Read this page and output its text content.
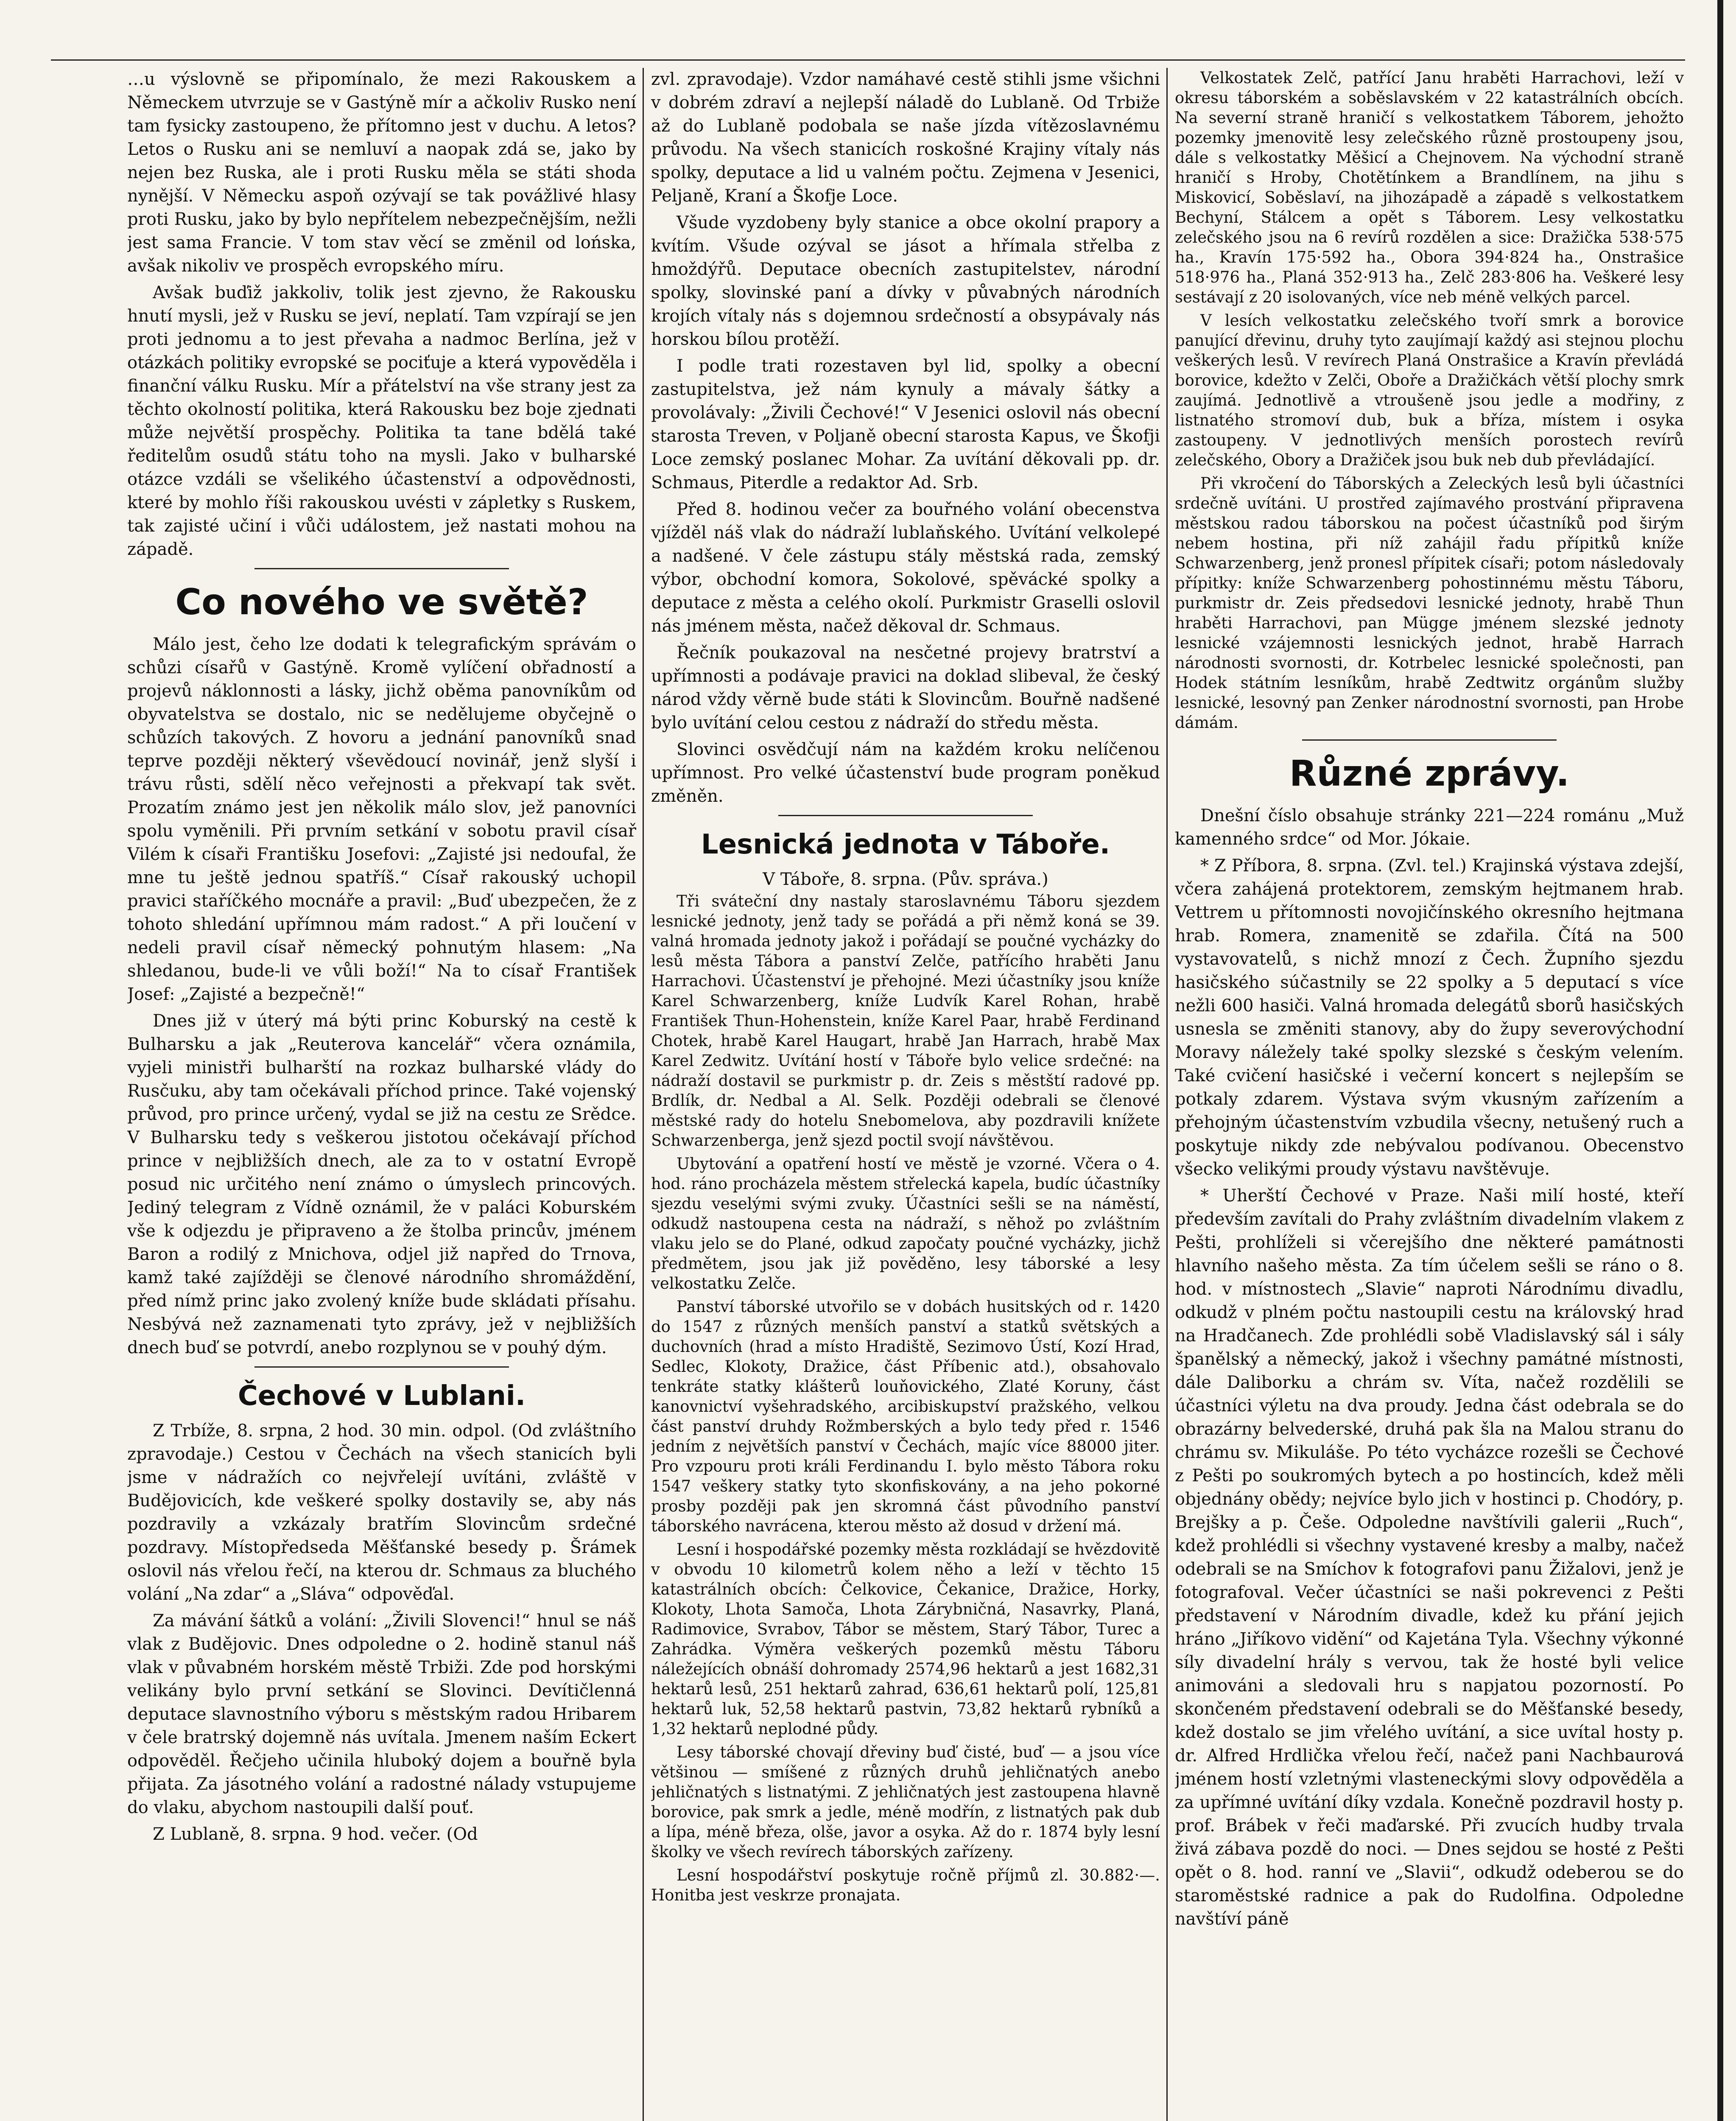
…u výslovně se připomínalo, že mezi Rakouskem a Německem utvrzuje se v Gastýně mír a ačkoliv Rusko není tam fysicky zastoupeno, že přítomno jest v duchu. A letos? Letos o Rusku ani se nemluví a naopak zdá se, jako by nejen bez Ruska, ale i proti Rusku měla se státi shoda nynější. V Německu aspoň ozývají se tak povážlivé hlasy proti Rusku, jako by bylo nepřítelem nebezpečnějším, nežli jest sama Francie. V tom stav věcí se změnil od lońska, avšak nikoliv ve prospěch evropského míru.

Avšak buďiž jakkoliv, tolik jest zjevno, že Rakousku hnutí mysli, jež v Rusku se jeví, neplatí. Tam vzpírají se jen proti jednomu a to jest převaha a nadmoc Berlína, jež v otázkách politiky evropské se pociťuje a která vypověděla i finanční válku Rusku. Mír a přátelství na vše strany jest za těchto okolností politika, která Rakousku bez boje zjednati může největší prospěchy. Politika ta tane bdělá také ředitelům osudů státu toho na mysli. Jako v bulharské otázce vzdáli se všelikého účastenství a odpovědnosti, které by mohlo říši rakouskou uvésti v zápletky s Ruskem, tak zajisté učiní i vůči událostem, jež nastati mohou na západě.

Co nového ve světě?

Málo jest, čeho lze dodati k telegrafickým správám o schůzi císařů v Gastýně. Kromě vylíčení obřadností a projevů náklonnosti a lásky, jichž oběma panovníkům od obyvatelstva se dostalo, nic se nedělujeme obyčejně o schůzích takových. Z hovoru a jednání panovníků snad teprve později některý vševědoucí novinář, jenž slyší i trávu růsti, sdělí něco veřejnosti a překvapí tak svět. Prozatím známo jest jen několik málo slov, jež panovníci spolu vyměnili. Při prvním setkání v sobotu pravil císař Vilém k císaři Františku Josefovi: „Zajisté jsi nedoufal, že mne tu ještě jednou spatříš.“ Císař rakouský uchopil pravici staříčkého mocnáře a pravil: „Buď ubezpečen, že z tohoto shledání upřímnou mám radost.“ A při loučení v nedeli pravil císař německý pohnutým hlasem: „Na shledanou, bude-li ve vůli boží!“ Na to císař František Josef: „Zajisté a bezpečně!“

Dnes již v úterý má býti princ Koburský na cestě k Bulharsku a jak „Reuterova kancelář“ včera oznámila, vyjeli ministři bulharští na rozkaz bulharské vlády do Rusčuku, aby tam očekávali příchod prince. Také vojenský průvod, pro prince určený, vydal se již na cestu ze Srědce. V Bulharsku tedy s veškerou jistotou očekávají příchod prince v nejbližších dnech, ale za to v ostatní Evropě posud nic určitého není známo o úmyslech princových. Jediný telegram z Vídně oznámil, že v paláci Koburském vše k odjezdu je připraveno a že štolba princův, jménem Baron a rodilý z Mnichova, odjel již napřed do Trnova, kamž také zajížději se členové národního shromáždění, před nímž princ jako zvolený kníže bude skládati přísahu. Nesbývá než zaznamenati tyto zprávy, jež v nejbližších dnech buď se potvrdí, anebo rozplynou se v pouhý dým.

Čechové v Lublani.

Z Trbíže, 8. srpna, 2 hod. 30 min. odpol. (Od zvláštního zpravodaje.) Cestou v Čechách na všech stanicích byli jsme v nádražích co nejvřelejí uvítáni, zvláště v Budějovicích, kde veškeré spolky dostavily se, aby nás pozdravily a vzkázaly bratřím Slovincům srdečné pozdravy. Místopředseda Měšťanské besedy p. Šrámek oslovil nás vřelou řečí, na kterou dr. Schmaus za bluchého volání „Na zdar“ a „Sláva“ odpověďal.

Za mávání šátků a volání: „Živili Slovenci!“ hnul se náš vlak z Budějovic. Dnes odpoledne o 2. hodině stanul náš vlak v půvabném horském městě Trbiži. Zde pod horskými velikány bylo první setkání se Slovinci. Devítičlenná deputace slavnostního výboru s městským radou Hribarem v čele bratrský dojemně nás uvítala. Jmenem naším Eckert odpověděl. Řečjeho učinila hluboký dojem a bouřně byla přijata. Za jásotného volání a radostné nálady vstupujeme do vlaku, abychom nastoupili další pouť.

Z Lublaně, 8. srpna. 9 hod. večer. (Od

zvl. zpravodaje). Vzdor namáhavé cestě stihli jsme všichni v dobrém zdraví a nejlepší náladě do Lublaně. Od Trbiže až do Lublaně podobala se naše jízda vítězoslavnému průvodu. Na všech stanicích roskošné Krajiny vítaly nás spolky, deputace a lid u valném počtu. Zejmena v Jesenici, Peljaně, Kraní a Škofje Loce.

Všude vyzdobeny byly stanice a obce okolní prapory a kvítím. Všude ozýval se jásot a hřímala střelba z hmoždýřů. Deputace obecních zastupitelstev, národní spolky, slovinské paní a dívky v půvabných národních krojích vítaly nás s dojemnou srdečností a obsypávaly nás horskou bílou protěží.

I podle trati rozestaven byl lid, spolky a obecní zastupitelstva, jež nám kynuly a mávaly šátky a provolávaly: „Živili Čechové!“ V Jesenici oslovil nás obecní starosta Treven, v Poljaně obecní starosta Kapus, ve Škofji Loce zemský poslanec Mohar. Za uvítání děkovali pp. dr. Schmaus, Piterdle a redaktor Ad. Srb.

Před 8. hodinou večer za bouřného volání obecenstva vjížděl náš vlak do nádraží lublaňského. Uvítání velkolepé a nadšené. V čele zástupu stály městská rada, zemský výbor, obchodní komora, Sokolové, spěvácké spolky a deputace z města a celého okolí. Purkmistr Graselli oslovil nás jménem města, načež děkoval dr. Schmaus.

Řečník poukazoval na nesčetné projevy bratrství a upřímnosti a podávaje pravici na doklad slibeval, že český národ vždy věrně bude státi k Slovincům. Bouřně nadšené bylo uvítání celou cestou z nádraží do středu města.

Slovinci osvědčují nám na každém kroku nelíčenou upřímnost. Pro velké účastenství bude program poněkud změněn.

Lesnická jednota v Táboře.
V Táboře, 8. srpna. (Pův. správa.)

Tři sváteční dny nastaly staroslavnému Táboru sjezdem lesnické jednoty, jenž tady se pořádá a při němž koná se 39. valná hromada jednoty jakož i pořádají se poučné vycházky do lesů města Tábora a panství Zelče, patřícího hraběti Janu Harrachovi. Účastenství je přehojné. Mezi účastníky jsou knížе Karel Schwarzenberg, kníže Ludvík Karel Rohan, hrabě František Thun-Hohenstein, kníže Karel Paar, hrabě Ferdinand Chotek, hrabě Karel Haugart, hrabě Jan Harrach, hrabě Max Karel Zedwitz. Uvítání hostí v Táboře bylo velice srdečné: na nádraží dostavil se purkmistr p. dr. Zeis s městští radové pp. Brdlík, dr. Nedbal a Al. Selk. Později odebrali se členové městské rady do hotelu Snebomelova, aby pozdravili knížete Schwarzenberga, jenž sjezd poctil svojí návštěvou.

Ubytování a opatření hostí ve městě je vzorné. Včera o 4. hod. ráno procházela městem střelecká kapela, budíc účastníky sjezdu veselými svými zvuky. Účastníci sešli se na náměstí, odkudž nastoupena cesta na nádraží, s něhož po zvláštním vlaku jelo se do Plané, odkud započaty poučné vycházky, jichž předmětem, jsou jak již pověděno, lesy táborské a lesy velkostatku Zelče.

Panství táborské utvořilo se v dobách husitských od r. 1420 do 1547 z různých menších panství a statků světských a duchovních (hrad a místo Hradiště, Sezimovo Ústí, Kozí Hrad, Sedlec, Klokoty, Dražice, část Příbenic atd.), obsahovalo tenkráte statky klášterů louňovického, Zlaté Koruny, část kanovnictví vyšehradského, arcibiskupství pražského, velkou část panství druhdy Rožmberských a bylo tedy před r. 1546 jedním z největších panství v Čechách, majíc více 88000 jiter. Pro vzpouru proti králi Ferdinandu I. bylo město Tábora roku 1547 veškery statky tyto skonfiskovány, a na jeho pokorné prosby později pak jen skromná část původního panství táborského navrácena, kterou město až dosud v držení má.

Lesní i hospodářské pozemky města rozkládají se hvězdovitě v obvodu 10 kilometrů kolem něho a leží v těchto 15 katastrálních obcích: Čelkovice, Čekanice, Dražice, Horky, Klokoty, Lhota Samoča, Lhota Zárybničná, Nasavrky, Planá, Radimovice, Svrabov, Tábor se městem, Starý Tábor, Turec a Zahrádka. Výměra veškerých pozemků městu Táboru náležejících obnáší dohromady 2574,96 hektarů a jest 1682,31 hektarů lesů, 251 hektarů zahrad, 636,61 hektarů polí, 125,81 hektarů luk, 52,58 hektarů pastvin, 73,82 hektarů rybníků a 1,32 hektarů neplodné půdy.

Lesy táborské chovají dřeviny buď čisté, buď — a jsou více většinou — smíšené z různých druhů jehličnatých anebo jehličnatých s listnatými. Z jehličnatých jest zastoupena hlavně borovice, pak smrk a jedle, méně modřín, z listnatých pak dub a lípa, méně březa, olše, javor a osyka. Až do r. 1874 byly lesní školky ve všech revírech táborských zařízeny.

Lesní hospodářství poskytuje ročně příjmů zl. 30.882·—. Honitba jest veskrze pronajata.

Velkostatek Zelč, patřící Janu hraběti Harrachovi, leží v okresu táborském a soběslavském v 22 katastrálních obcích. Na severní straně hraničí s velkostatkem Táborem, jehožto pozemky jmenovitě lesy zelečského různě prostoupeny jsou, dále s velkostatky Měšicí a Chejnovem. Na východní straně hraničí s Hroby, Chotětínkem a Brandlínem, na jihu s Miskovicí, Soběslaví, na jihozápadě a západě s velkostatkem Bechyní, Stálcem a opět s Táborem. Lesy velkostatku zelečského jsou na 6 revírů rozdělen a sice: Dražička 538·575 ha., Kravín 175·592 ha., Obora 394·824 ha., Onstrašice 518·976 ha., Planá 352·913 ha., Zelč 283·806 ha. Veškeré lesy sestávají z 20 isolovaných, více neb méně velkých parcel.

V lesích velkostatku zelečského tvoří smrk a borovice panující dřevinu, druhy tyto zaujímají každý asi stejnou plochu veškerých lesů. V revírech Planá Onstrašice a Kravín převládá borovice, kdežto v Zelči, Oboře a Dražičkách větší plochy smrk zaujímá. Jednotlivě a vtroušeně jsou jedle a modřiny, z listnatého stromoví dub, buk a bříza, místem i osyka zastoupeny. V jednotlivých menších porostech revírů zelečského, Obory a Dražiček jsou buk neb dub převládající.

Při vkročení do Táborských a Zeleckých lesů byli účastníci srdečně uvítáni. U prostřed zajímavého prostvání připravena městskou radou táborskou na počest účastníků pod širým nebem hostina, při níž zahájil řadu přípitků kníže Schwarzenberg, jenž pronesl přípitek císaři; potom následovaly přípitky: kníže Schwarzenberg pohostinnému městu Táboru, purkmistr dr. Zeis předsedovi lesnické jednoty, hrabě Thun hraběti Harrachovi, pan Mügge jménem slezské jednoty lesnické vzájemnosti lesnických jednot, hrabě Harrach národnosti svornosti, dr. Kotrbelec lesnické společnosti, pan Hodek státním lesníkům, hrabě Zedtwitz orgánům služby lesnické, lesovný pan Zenker národnostní svornosti, pan Hrobe dámám.

Různé zprávy.

Dnešní číslo obsahuje stránky 221—224 románu „Muž kamenného srdce“ od Mor. Jókaie.

* Z Příbora, 8. srpna. (Zvl. tel.) Krajinská výstava zdejší, včera zahájená protektorem, zemským hejtmanem hrab. Vettrem u přítomnosti novojičínského okresního hejtmana hrab. Romera, znamenitě se zdařila. Čítá na 500 vystavovatelů, s nichž mnozí z Čech. Župního sjezdu hasičského súčastnily se 22 spolky a 5 deputací s více nežli 600 hasiči. Valná hromada delegátů sborů hasičských usnesla se změniti stanovy, aby do župy severovýchodní Moravy náležely také spolky slezské s českým velením. Také cvičení hasičské i večerní koncert s nejlepším se potkaly zdarem. Výstava svým vkusným zařízením a přehojným účastenstvím vzbudila všecny, netušený ruch a poskytuje nikdy zde nebývalou podívanou. Obecenstvo všecko velikými proudy výstavu navštěvuje.

* Uherští Čechové v Praze. Naši milí hosté, kteří především zavítali do Prahy zvláštním divadelním vlakem z Pešti, prohlíželi si včerejšího dne některé památnosti hlavního našeho města. Za tím účelem sešli se ráno o 8. hod. v místnostech „Slavie“ naproti Národnímu divadlu, odkudž v plném počtu nastoupili cestu na královský hrad na Hradčanech. Zde prohlédli sobě Vladislavský sál i sály španělský a německý, jakož i všechny památné místnosti, dále Daliborku a chrám sv. Víta, načež rozdělili se účastníci výletu na dva proudy. Jedna část odebrala se do obrazárny belvederské, druhá pak šla na Malou stranu do chrámu sv. Mikuláše. Po této vycházce rozešli se Čechové z Pešti po soukromých bytech a po hostincích, kdež měli objednány obědy; nejvíce bylo jich v hostinci p. Chodóry, p. Brejšky a p. Češe. Odpoledne navštívili galerii „Ruch“, kdež prohlédli si všechny vystavené kresby a malby, načež odebrali se na Smíchov k fotografovi panu Žižalovi, jenž je fotografoval. Večer účastníci se naši pokrevenci z Pešti představení v Národním divadle, kdež ku přání jejich hráno „Jiříkovo vidění“ od Kajetána Tyla. Všechny výkonné síly divadelní hrály s vervou, tak že hosté byli velice animováni a sledovali hru s napjatou pozorností. Po skončeném představení odebrali se do Měšťanské besedy, kdež dostalo se jim vřelého uvítání, a sice uvítal hosty p. dr. Alfred Hrdlička vřelou řečí, načež pani Nachbaurová jménem hostí vzletnými vlasteneckými slovy odpověděla a za upřímné uvítání díky vzdala. Konečně pozdravil hosty p. prof. Brábek v řeči maďarské. Při zvucích hudby trvala živá zábava pozdě do noci. — Dnes sejdou se hosté z Pešti opět o 8. hod. ranní ve „Slavii“, odkudž odeberou se do staroměstské radnice a pak do Rudolfina. Odpoledne navštíví páně
